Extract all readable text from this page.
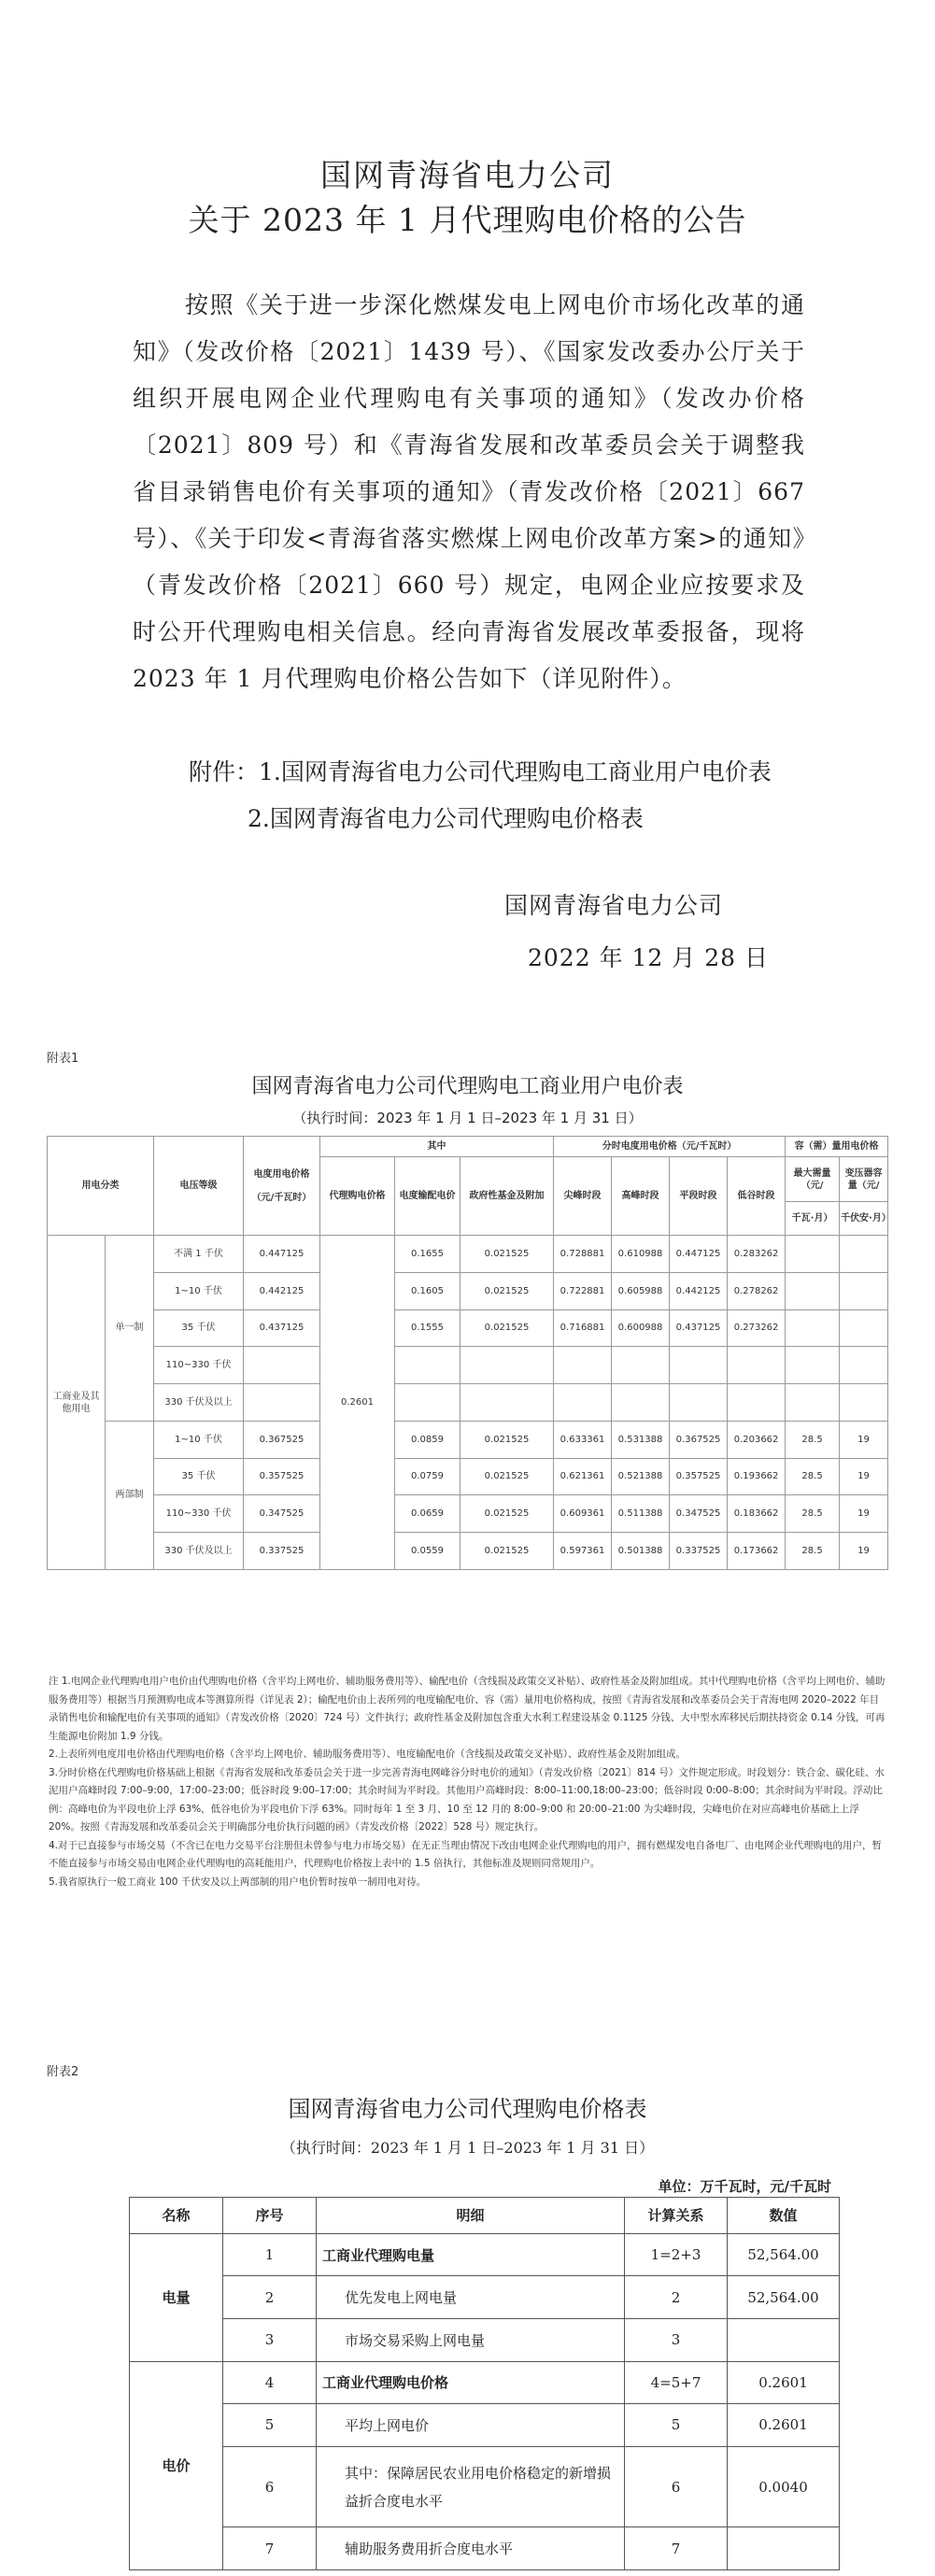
国网青海省电力公司
关于 2023 年 1 月代理购电价格的公告
按照《关于进一步深化燃煤发电上网电价市场化改革的通知》（发改价格〔2021〕1439 号）、《国家发改委办公厅关于组织开展电网企业代理购电有关事项的通知》（发改办价格〔2021〕809 号）和《青海省发展和改革委员会关于调整我省目录销售电价有关事项的通知》（青发改价格〔2021〕667 号）、《关于印发<青海省落实燃煤上网电价改革方案>的通知》（青发改价格〔2021〕660 号）规定，电网企业应按要求及时公开代理购电相关信息。经向青海省发展改革委报备，现将 2023 年 1 月代理购电价格公告如下（详见附件）。
附件：1.国网青海省电力公司代理购电工商业用户电价表
2.国网青海省电力公司代理购电价格表
国网青海省电力公司
2022 年 12 月 28 日
附表1
国网青海省电力公司代理购电工商业用户电价表
（执行时间：2023 年 1 月 1 日–2023 年 1 月 31 日）
用电分类		电压等级	电度用电价格
（元/千瓦时）	其中			分时电度用电价格（元/千瓦时）				容（需）量用电价格	
				代理购电价格	电度输配电价	政府性基金及附加	尖峰时段	高峰时段	平段时段	低谷时段	最大需量（元/	变压器容量（元/
											千瓦·月）	千伏安·月）
工商业及其他用电	单一制	不满 1 千伏	0.447125	0.2601	0.1655	0.021525	0.728881	0.610988	0.447125	0.283262		
		1~10 千伏	0.442125		0.1605	0.021525	0.722881	0.605988	0.442125	0.278262		
		35 千伏	0.437125		0.1555	0.021525	0.716881	0.600988	0.437125	0.273262		
		110~330 千伏										
		330 千伏及以上										
	两部制	1~10 千伏	0.367525		0.0859	0.021525	0.633361	0.531388	0.367525	0.203662	28.5	19
		35 千伏	0.357525		0.0759	0.021525	0.621361	0.521388	0.357525	0.193662	28.5	19
		110~330 千伏	0.347525		0.0659	0.021525	0.609361	0.511388	0.347525	0.183662	28.5	19
		330 千伏及以上	0.337525		0.0559	0.021525	0.597361	0.501388	0.337525	0.173662	28.5	19

注 1.电网企业代理购电用户电价由代理购电价格（含平均上网电价、辅助服务费用等）、输配电价（含线损及政策交叉补贴）、政府性基金及附加组成。其中代理购电价格（含平均上网电价、辅助服务费用等）根据当月预测购电成本等测算所得（详见表 2）；输配电价由上表所列的电度输配电价、容（需）量用电价格构成，按照《青海省发展和改革委员会关于青海电网 2020–2022 年目录销售电价和输配电价有关事项的通知》（青发改价格〔2020〕724 号）文件执行；政府性基金及附加包含重大水利工程建设基金 0.1125 分钱、大中型水库移民后期扶持资金 0.14 分钱，可再生能源电价附加 1.9 分钱。

2.上表所列电度用电价格由代理购电价格（含平均上网电价、辅助服务费用等）、电度输配电价（含线损及政策交叉补贴）、政府性基金及附加组成。

3.分时价格在代理购电价格基础上根据《青海省发展和改革委员会关于进一步完善青海电网峰谷分时电价的通知》（青发改价格〔2021〕814 号）文件规定形成。时段划分：铁合金、碳化硅、水泥用户高峰时段 7:00–9:00，17:00–23:00；低谷时段 9:00–17:00；其余时间为平时段。其他用户高峰时段：8:00–11:00,18:00–23:00；低谷时段 0:00–8:00；其余时间为平时段。浮动比例：高峰电价为平段电价上浮 63%，低谷电价为平段电价下浮 63%。同时每年 1 至 3 月、10 至 12 月的 8:00–9:00 和 20:00–21:00 为尖峰时段，尖峰电价在对应高峰电价基础上上浮 20%。按照《青海发展和改革委员会关于明确部分电价执行问题的函》（青发改价格〔2022〕528 号）规定执行。

4.对于已直接参与市场交易（不含已在电力交易平台注册但未曾参与电力市场交易）在无正当理由情况下改由电网企业代理购电的用户，拥有燃煤发电自备电厂、由电网企业代理购电的用户，暂不能直接参与市场交易由电网企业代理购电的高耗能用户，代理购电价格按上表中的 1.5 倍执行，其他标准及规则同常规用户。

5.我省原执行一般工商业 100 千伏安及以上两部制的用户电价暂时按单一制用电对待。

附表2
国网青海省电力公司代理购电价格表
（执行时间：2023 年 1 月 1 日–2023 年 1 月 31 日）
单位：万千瓦时，元/千瓦时
名称	序号	明细	计算关系	数值
电量	1	工商业代理购电量	1=2+3	52,564.00
	2	优先发电上网电量	2	52,564.00
	3	市场交易采购上网电量	3	
电价	4	工商业代理购电价格	4=5+7	0.2601
	5	平均上网电价	5	0.2601
	6	其中：保障居民农业用电价格稳定的新增损益折合度电水平	6	0.0040
	7	辅助服务费用折合度电水平	7	
